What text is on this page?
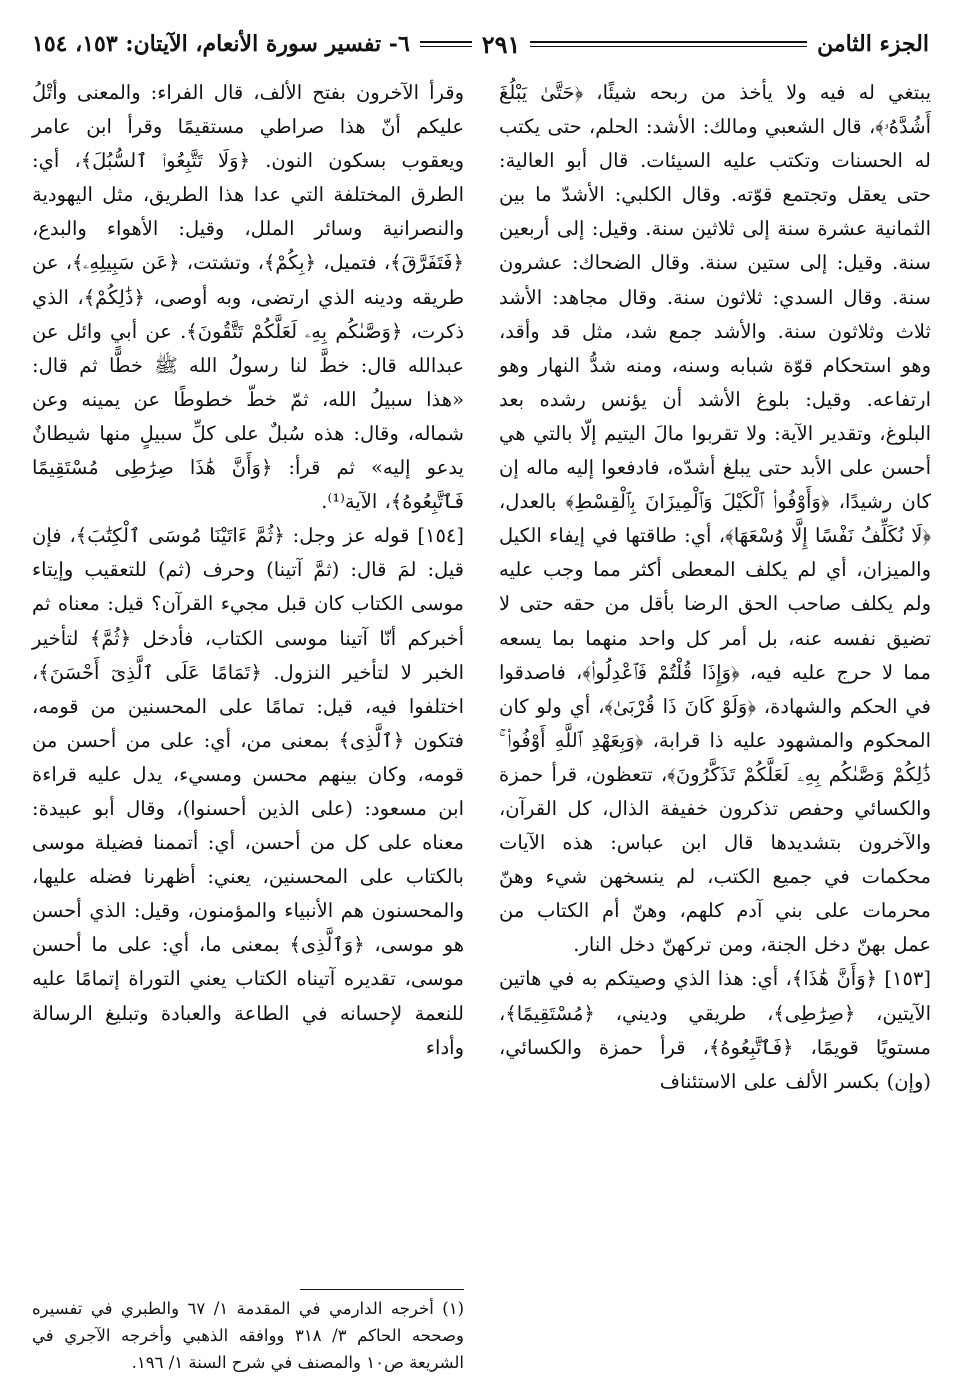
الجزء الثامن
٢٩١
٦- تفسير سورة الأنعام، الآيتان: ١٥٣، ١٥٤

يبتغي له فيه ولا يأخذ من ربحه شيئًا، ﴿حَتَّىٰ يَبْلُغَ أَشُدَّهُۥ﴾، قال الشعبي ومالك: الأشد: الحلم، حتى يكتب له الحسنات وتكتب عليه السيئات. قال أبو العالية: حتى يعقل وتجتمع قوّته. وقال الكلبي: الأشدّ ما بين الثمانية عشرة سنة إلى ثلاثين سنة. وقيل: إلى أربعين سنة. وقيل: إلى ستين سنة. وقال الضحاك: عشرون سنة. وقال السدي: ثلاثون سنة. وقال مجاهد: الأشد ثلاث وثلاثون سنة. والأشد جمع شد، مثل قد وأقد، وهو استحكام قوّة شبابه وسنه، ومنه شدُّ النهار وهو ارتفاعه. وقيل: بلوغ الأشد أن يؤنس رشده بعد البلوغ، وتقدير الآية: ولا تقربوا مالَ اليتيم إلّا بالتي هي أحسن على الأبد حتى يبلغ أشدّه، فادفعوا إليه ماله إن كان رشيدًا، ﴿وَأَوْفُوا۟ ٱلْكَيْلَ وَٱلْمِيزَانَ بِٱلْقِسْطِ﴾ بالعدل، ﴿لَا نُكَلِّفُ نَفْسًا إِلَّا وُسْعَهَا﴾، أي: طاقتها في إيفاء الكيل والميزان، أي لم يكلف المعطى أكثر مما وجب عليه ولم يكلف صاحب الحق الرضا بأقل من حقه حتى لا تضيق نفسه عنه، بل أمر كل واحد منهما بما يسعه مما لا حرج عليه فيه، ﴿وَإِذَا قُلْتُمْ فَٱعْدِلُوا۟﴾، فاصدقوا في الحكم والشهادة، ﴿وَلَوْ كَانَ ذَا قُرْبَىٰ﴾، أي ولو كان المحكوم والمشهود عليه ذا قرابة، ﴿وَبِعَهْدِ ٱللَّهِ أَوْفُوا۟ ۚ ذَٰلِكُمْ وَصَّىٰكُم بِهِۦ لَعَلَّكُمْ تَذَكَّرُونَ﴾، تتعظون، قرأ حمزة والكسائي وحفص تذكرون خفيفة الذال، كل القرآن، والآخرون بتشديدها قال ابن عباس: هذه الآيات محكمات في جميع الكتب، لم ينسخهن شيء وهنّ محرمات على بني آدم كلهم، وهنّ أم الكتاب من عمل بهنّ دخل الجنة، ومن تركهنّ دخل النار.

[١٥٣] ﴿وَأَنَّ هَٰذَا﴾، أي: هذا الذي وصيتكم به في هاتين الآيتين، ﴿صِرَٰطِى﴾، طريقي وديني، ﴿مُسْتَقِيمًا﴾، مستويًا قويمًا، ﴿فَٱتَّبِعُوهُ﴾، قرأ حمزة والكسائي، (وإن) بكسر الألف على الاستئناف

وقرأ الآخرون بفتح الألف، قال الفراء: والمعنى وأتْلُ عليكم أنّ هذا صراطي مستقيمًا وقرأ ابن عامر ويعقوب بسكون النون. ﴿وَلَا تَتَّبِعُوا۟ ٱلسُّبُلَ﴾، أي: الطرق المختلفة التي عدا هذا الطريق، مثل اليهودية والنصرانية وسائر الملل، وقيل: الأهواء والبدع، ﴿فَتَفَرَّقَ﴾، فتميل، ﴿بِكُمْ﴾، وتشتت، ﴿عَن سَبِيلِهِۦ﴾، عن طريقه ودينه الذي ارتضى، وبه أوصى، ﴿ذَٰلِكُمْ﴾، الذي ذكرت، ﴿وَصَّىٰكُم بِهِۦ لَعَلَّكُمْ تَتَّقُونَ﴾. عن أبي وائل عن عبدالله قال: خطَّ لنا رسولُ الله ﷺ خطًّا ثم قال: «هذا سبيلُ الله، ثمّ خطّ خطوطًا عن يمينه وعن شماله، وقال: هذه سُبلٌ على كلِّ سبيلٍ منها شيطانٌ يدعو إليه» ثم قرأ: ﴿وَأَنَّ هَٰذَا صِرَٰطِى مُسْتَقِيمًا فَٱتَّبِعُوهُ﴾، الآية⁽¹⁾.

[١٥٤] قوله عز وجل: ﴿ثُمَّ ءَاتَيْنَا مُوسَى ٱلْكِتَٰبَ﴾، فإن قيل: لمَ قال: (ثمَّ آتينا) وحرف (ثم) للتعقيب وإيتاء موسى الكتاب كان قبل مجيء القرآن؟ قيل: معناه ثم أخبركم أنّا آتينا موسى الكتاب، فأدخل ﴿ثُمَّ﴾ لتأخير الخبر لا لتأخير النزول. ﴿تَمَامًا عَلَى ٱلَّذِىٓ أَحْسَنَ﴾، اختلفوا فيه، قيل: تمامًا على المحسنين من قومه، فتكون ﴿ٱلَّذِى﴾ بمعنى من، أي: على من أحسن من قومه، وكان بينهم محسن ومسيء، يدل عليه قراءة ابن مسعود: (على الذين أحسنوا)، وقال أبو عبيدة: معناه على كل من أحسن، أي: أتممنا فضيلة موسى بالكتاب على المحسنين، يعني: أظهرنا فضله عليها، والمحسنون هم الأنبياء والمؤمنون، وقيل: الذي أحسن هو موسى، ﴿وَٱلَّذِى﴾ بمعنى ما، أي: على ما أحسن موسى، تقديره آتيناه الكتاب يعني التوراة إتمامًا عليه للنعمة لإحسانه في الطاعة والعبادة وتبليغ الرسالة وأداء

(١) أخرجه الدارمي في المقدمة ١/ ٦٧ والطبري في تفسيره وصححه الحاكم ٣/ ٣١٨ ووافقه الذهبي وأخرجه الآجري في الشريعة ص١٠ والمصنف في شرح السنة ١/ ١٩٦.
